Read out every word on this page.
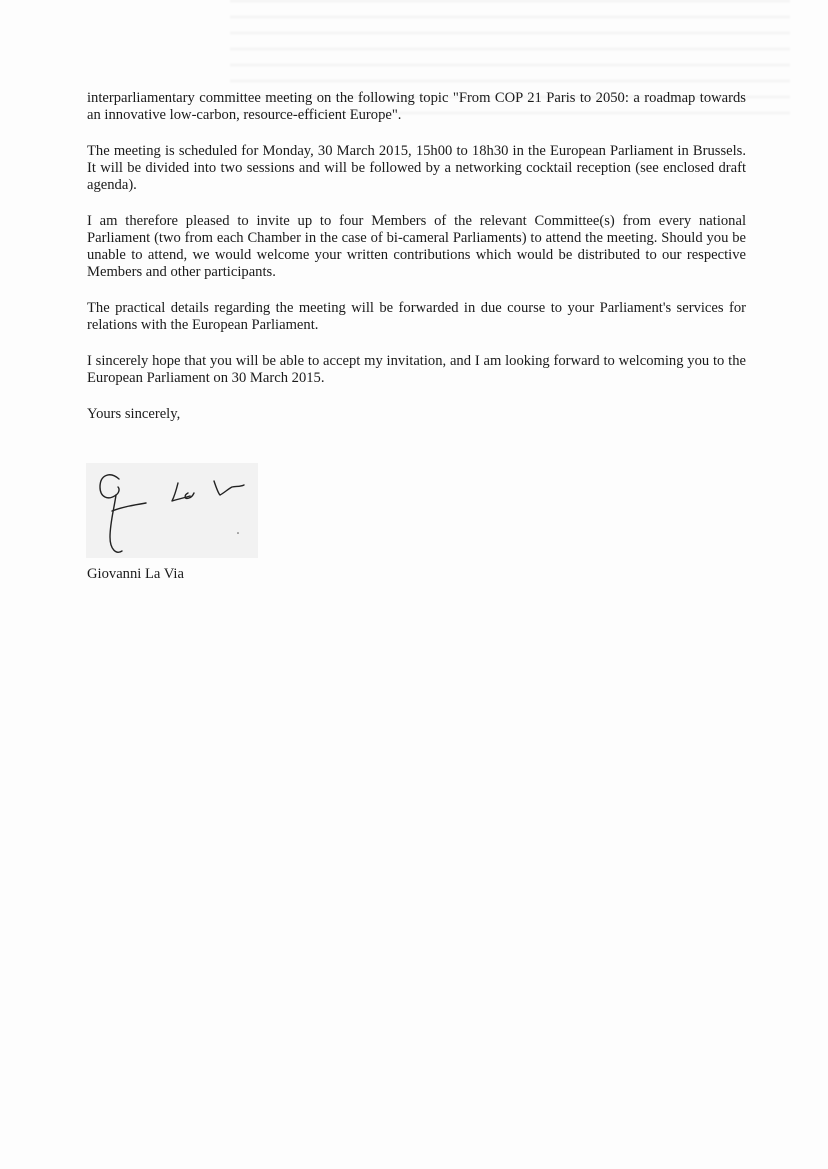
interparliamentary committee meeting on the following topic "From COP 21 Paris to 2050: a roadmap towards an innovative low-carbon, resource-efficient Europe".

The meeting is scheduled for Monday, 30 March 2015, 15h00 to 18h30 in the European Parliament in Brussels. It will be divided into two sessions and will be followed by a networking cocktail reception (see enclosed draft agenda).

I am therefore pleased to invite up to four Members of the relevant Committee(s) from every national Parliament (two from each Chamber in the case of bi-cameral Parliaments) to attend the meeting. Should you be unable to attend, we would welcome your written contributions which would be distributed to our respective Members and other participants.

The practical details regarding the meeting will be forwarded in due course to your Parliament's services for relations with the European Parliament.

I sincerely hope that you will be able to accept my invitation, and I am looking forward to welcoming you to the European Parliament on 30 March 2015.

Yours sincerely,

Giovanni La Via
